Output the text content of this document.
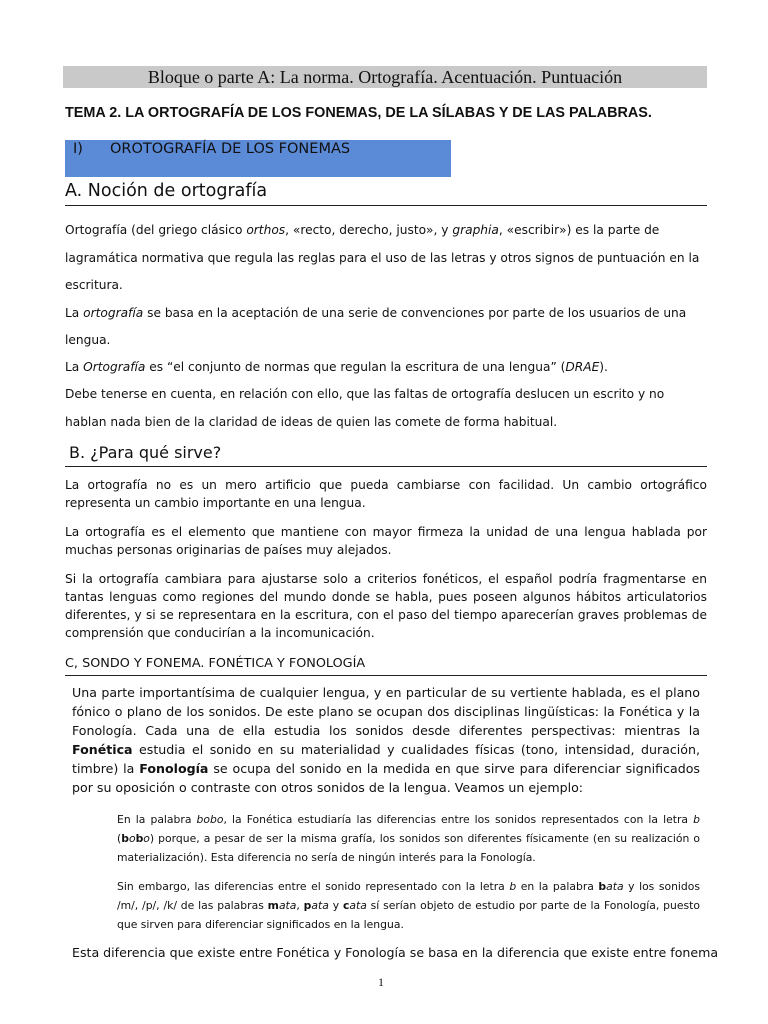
Bloque o parte A: La norma. Ortografía. Acentuación. Puntuación
TEMA 2. LA ORTOGRAFÍA DE LOS FONEMAS, DE LA SÍLABAS Y DE LAS PALABRAS.
I) OROTOGRAFÍA DE LOS FONEMAS
A. Noción de ortografía
Ortografía (del griego clásico orthos, «recto, derecho, justo», y graphia, «escribir») es la parte de
lagramática normativa que regula las reglas para el uso de las letras y otros signos de puntuación en la
escritura.
La ortografía se basa en la aceptación de una serie de convenciones por parte de los usuarios de una
lengua.
La Ortografía es “el conjunto de normas que regulan la escritura de una lengua” (DRAE).
Debe tenerse en cuenta, en relación con ello, que las faltas de ortografía deslucen un escrito y no
hablan nada bien de la claridad de ideas de quien las comete de forma habitual.
B. ¿Para qué sirve?
La ortografía no es un mero artificio que pueda cambiarse con facilidad. Un cambio ortográfico representa un cambio importante en una lengua.
La ortografía es el elemento que mantiene con mayor firmeza la unidad de una lengua hablada por muchas personas originarias de países muy alejados.
Si la ortografía cambiara para ajustarse solo a criterios fonéticos, el español podría fragmentarse en tantas lenguas como regiones del mundo donde se habla, pues poseen algunos hábitos articulatorios diferentes, y si se representara en la escritura, con el paso del tiempo aparecerían graves problemas de comprensión que conducirían a la incomunicación.
C, SONDO Y FONEMA. FONÉTICA Y FONOLOGÍA
Una parte importantísima de cualquier lengua, y en particular de su vertiente hablada, es el plano fónico o plano de los sonidos. De este plano se ocupan dos disciplinas lingüísticas: la Fonética y la Fonología. Cada una de ella estudia los sonidos desde diferentes perspectivas: mientras la Fonética estudia el sonido en su materialidad y cualidades físicas (tono, intensidad, duración, timbre) la Fonología se ocupa del sonido en la medida en que sirve para diferenciar significados por su oposición o contraste con otros sonidos de la lengua. Veamos un ejemplo:
En la palabra bobo, la Fonética estudiaría las diferencias entre los sonidos representados con la letra b (bobo) porque, a pesar de ser la misma grafía, los sonidos son diferentes físicamente (en su realización o materialización). Esta diferencia no sería de ningún interés para la Fonología.
Sin embargo, las diferencias entre el sonido representado con la letra b en la palabra bata y los sonidos /m/, /p/, /k/ de las palabras mata, pata y cata sí serían objeto de estudio por parte de la Fonología, puesto que sirven para diferenciar significados en la lengua.
Esta diferencia que existe entre Fonética y Fonología se basa en la diferencia que existe entre fonema
1
